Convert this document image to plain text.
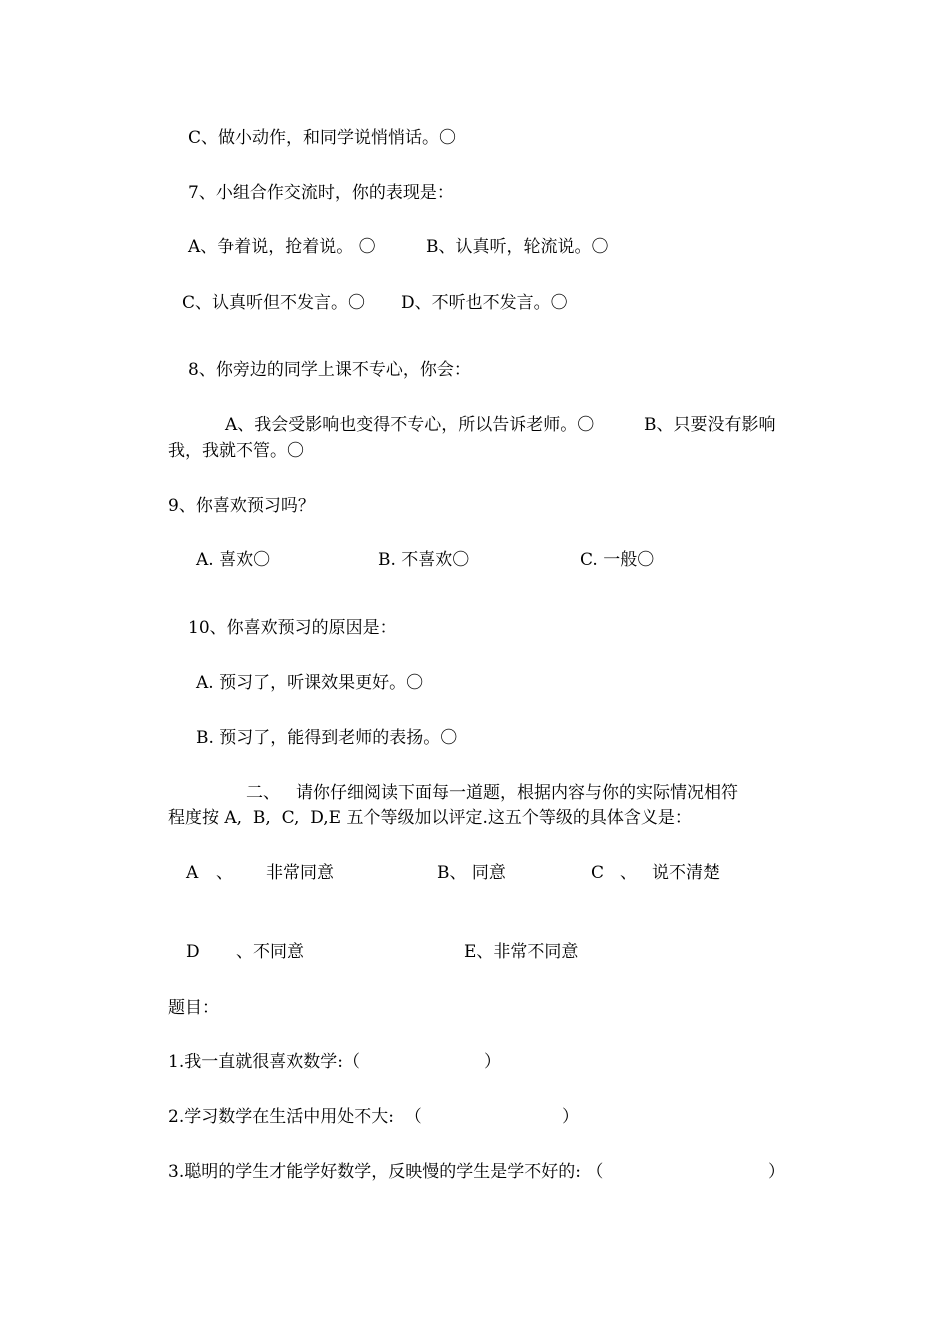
C、做小动作，和同学说悄悄话。〇
7、小组合作交流时，你的表现是：
A、争着说，抢着说。 〇	B、认真听，轮流说。〇
C、认真听但不发言。〇 D、不听也不发言。〇
8、你旁边的同学上课不专心，你会：
A、我会受影响也变得不专心，所以告诉老师。〇	B、只要没有影响
我，我就不管。〇
9、你喜欢预习吗？
A. 喜欢〇	B. 不喜欢〇	C. 一般〇
10、你喜欢预习的原因是：
A. 预习了，听课效果更好。〇
B. 预习了，能得到老师的表扬。〇
二、 请你仔细阅读下面每一道题，根据内容与你的实际情况相符
程度按 A,  B,  C,  D,E 五个等级加以评定.这五个等级的具体含义是：
A 、 非常同意	B、 同意	C 、 说不清楚
D 、不同意	E、非常不同意
题目：
1.我一直就很喜欢数学:（	）
2.学习数学在生活中用处不大:  （	）
3.聪明的学生才能学好数学，反映慢的学生是学不好的: （	）
